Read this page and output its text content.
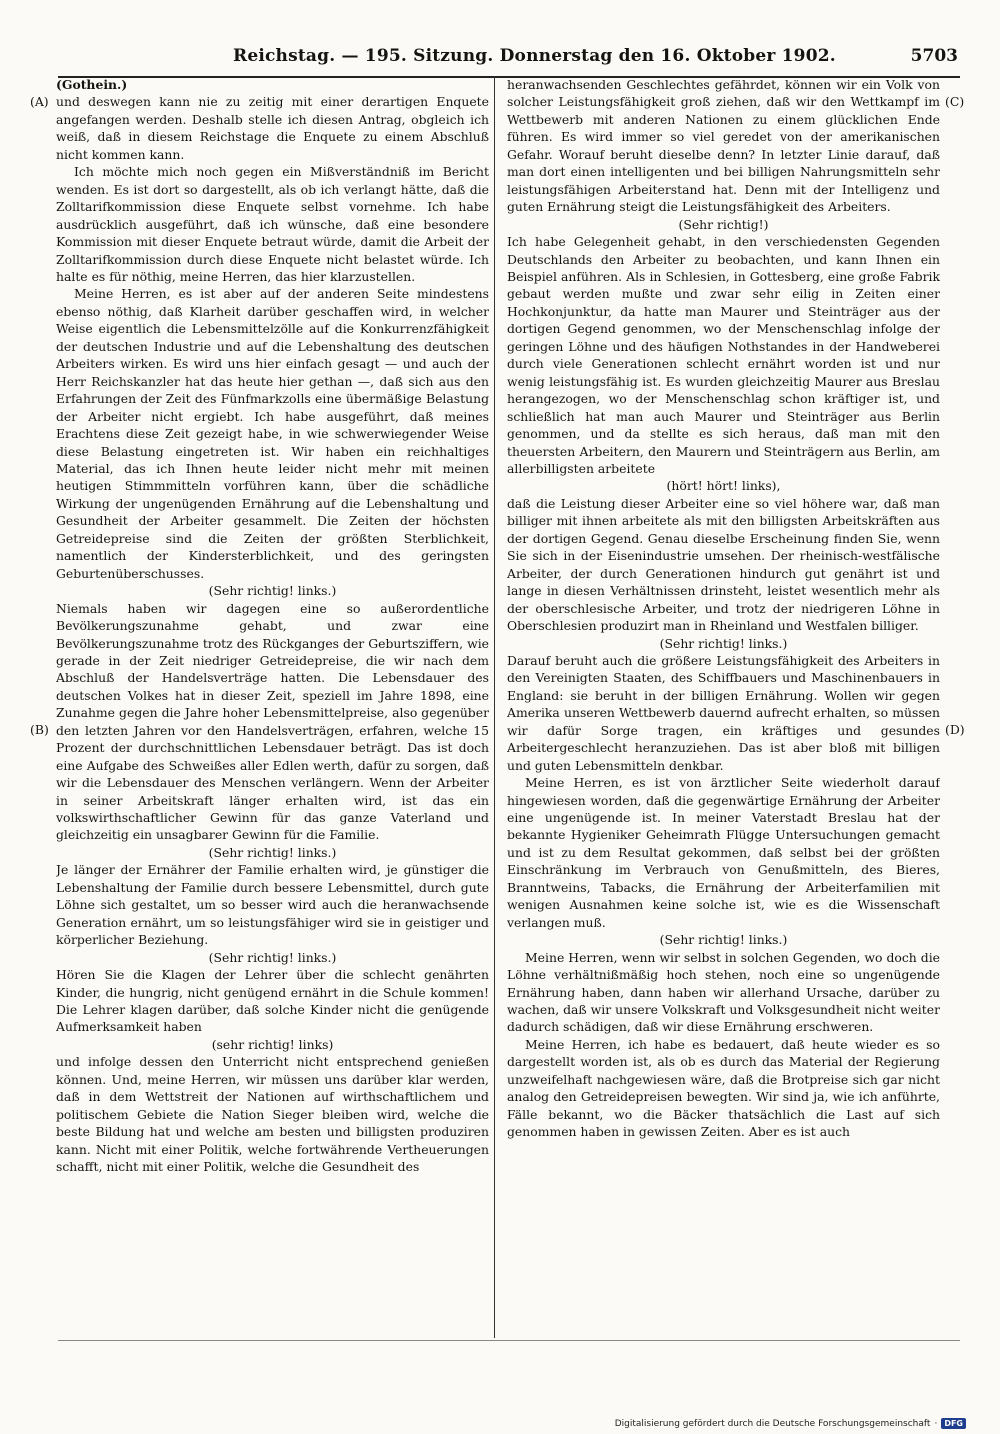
Reichstag. — 195. Sitzung. Donnerstag den 16. Oktober 1902.	5703
(A)
(B)
(C)
(D)

(Gothein.)

und deswegen kann nie zu zeitig mit einer derartigen Enquete angefangen werden. Deshalb stelle ich diesen Antrag, obgleich ich weiß, daß in diesem Reichstage die Enquete zu einem Abschluß nicht kommen kann.

Ich möchte mich noch gegen ein Mißverständniß im Bericht wenden. Es ist dort so dargestellt, als ob ich verlangt hätte, daß die Zolltarifkommission diese Enquete selbst vornehme. Ich habe ausdrücklich ausgeführt, daß ich wünsche, daß eine besondere Kommission mit dieser Enquete betraut würde, damit die Arbeit der Zolltarifkommission durch diese Enquete nicht belastet würde. Ich halte es für nöthig, meine Herren, das hier klarzustellen.

Meine Herren, es ist aber auf der anderen Seite mindestens ebenso nöthig, daß Klarheit darüber geschaffen wird, in welcher Weise eigentlich die Lebensmittelzölle auf die Konkurrenzfähigkeit der deutschen Industrie und auf die Lebenshaltung des deutschen Arbeiters wirken. Es wird uns hier einfach gesagt — und auch der Herr Reichskanzler hat das heute hier gethan —, daß sich aus den Erfahrungen der Zeit des Fünfmarkzolls eine übermäßige Belastung der Arbeiter nicht ergiebt. Ich habe ausgeführt, daß meines Erachtens diese Zeit gezeigt habe, in wie schwerwiegender Weise diese Belastung eingetreten ist. Wir haben ein reichhaltiges Material, das ich Ihnen heute leider nicht mehr mit meinen heutigen Stimmmitteln vorführen kann, über die schädliche Wirkung der ungenügenden Ernährung auf die Lebenshaltung und Gesundheit der Arbeiter gesammelt. Die Zeiten der höchsten Getreidepreise sind die Zeiten der größten Sterblichkeit, namentlich der Kindersterblichkeit, und des geringsten Geburtenüberschusses.

(Sehr richtig! links.)

Niemals haben wir dagegen eine so außerordentliche Bevölkerungszunahme gehabt, und zwar eine Bevölkerungszunahme trotz des Rückganges der Geburtsziffern, wie gerade in der Zeit niedriger Getreidepreise, die wir nach dem Abschluß der Handelsverträge hatten. Die Lebensdauer des deutschen Volkes hat in dieser Zeit, speziell im Jahre 1898, eine Zunahme gegen die Jahre hoher Lebensmittelpreise, also gegenüber den letzten Jahren vor den Handelsverträgen, erfahren, welche 15 Prozent der durchschnittlichen Lebensdauer beträgt. Das ist doch eine Aufgabe des Schweißes aller Edlen werth, dafür zu sorgen, daß wir die Lebensdauer des Menschen verlängern. Wenn der Arbeiter in seiner Arbeitskraft länger erhalten wird, ist das ein volkswirthschaftlicher Gewinn für das ganze Vaterland und gleichzeitig ein unsagbarer Gewinn für die Familie.

(Sehr richtig! links.)

Je länger der Ernährer der Familie erhalten wird, je günstiger die Lebenshaltung der Familie durch bessere Lebensmittel, durch gute Löhne sich gestaltet, um so besser wird auch die heranwachsende Generation ernährt, um so leistungsfähiger wird sie in geistiger und körperlicher Beziehung.

(Sehr richtig! links.)

Hören Sie die Klagen der Lehrer über die schlecht genährten Kinder, die hungrig, nicht genügend ernährt in die Schule kommen! Die Lehrer klagen darüber, daß solche Kinder nicht die genügende Aufmerksamkeit haben

(sehr richtig! links)

und infolge dessen den Unterricht nicht entsprechend genießen können. Und, meine Herren, wir müssen uns darüber klar werden, daß in dem Wettstreit der Nationen auf wirthschaftlichem und politischem Gebiete die Nation Sieger bleiben wird, welche die beste Bildung hat und welche am besten und billigsten produziren kann. Nicht mit einer Politik, welche fortwährende Vertheuerungen schafft, nicht mit einer Politik, welche die Gesundheit des

heranwachsenden Geschlechtes gefährdet, können wir ein Volk von solcher Leistungsfähigkeit groß ziehen, daß wir den Wettkampf im Wettbewerb mit anderen Nationen zu einem glücklichen Ende führen. Es wird immer so viel geredet von der amerikanischen Gefahr. Worauf beruht dieselbe denn? In letzter Linie darauf, daß man dort einen intelligenten und bei billigen Nahrungsmitteln sehr leistungsfähigen Arbeiterstand hat. Denn mit der Intelligenz und guten Ernährung steigt die Leistungsfähigkeit des Arbeiters.

(Sehr richtig!)

Ich habe Gelegenheit gehabt, in den verschiedensten Gegenden Deutschlands den Arbeiter zu beobachten, und kann Ihnen ein Beispiel anführen. Als in Schlesien, in Gottesberg, eine große Fabrik gebaut werden mußte und zwar sehr eilig in Zeiten einer Hochkonjunktur, da hatte man Maurer und Steinträger aus der dortigen Gegend genommen, wo der Menschenschlag infolge der geringen Löhne und des häufigen Nothstandes in der Handweberei durch viele Generationen schlecht ernährt worden ist und nur wenig leistungsfähig ist. Es wurden gleichzeitig Maurer aus Breslau herangezogen, wo der Menschenschlag schon kräftiger ist, und schließlich hat man auch Maurer und Steinträger aus Berlin genommen, und da stellte es sich heraus, daß man mit den theuersten Arbeitern, den Maurern und Steinträgern aus Berlin, am allerbilligsten arbeitete

(hört! hört! links),

daß die Leistung dieser Arbeiter eine so viel höhere war, daß man billiger mit ihnen arbeitete als mit den billigsten Arbeitskräften aus der dortigen Gegend. Genau dieselbe Erscheinung finden Sie, wenn Sie sich in der Eisenindustrie umsehen. Der rheinisch-westfälische Arbeiter, der durch Generationen hindurch gut genährt ist und lange in diesen Verhältnissen drinsteht, leistet wesentlich mehr als der oberschlesische Arbeiter, und trotz der niedrigeren Löhne in Oberschlesien produzirt man in Rheinland und Westfalen billiger.

(Sehr richtig! links.)

Darauf beruht auch die größere Leistungsfähigkeit des Arbeiters in den Vereinigten Staaten, des Schiffbauers und Maschinenbauers in England: sie beruht in der billigen Ernährung. Wollen wir gegen Amerika unseren Wettbewerb dauernd aufrecht erhalten, so müssen wir dafür Sorge tragen, ein kräftiges und gesundes Arbeitergeschlecht heranzuziehen. Das ist aber bloß mit billigen und guten Lebensmitteln denkbar.

Meine Herren, es ist von ärztlicher Seite wiederholt darauf hingewiesen worden, daß die gegenwärtige Ernährung der Arbeiter eine ungenügende ist. In meiner Vaterstadt Breslau hat der bekannte Hygieniker Geheimrath Flügge Untersuchungen gemacht und ist zu dem Resultat gekommen, daß selbst bei der größten Einschränkung im Verbrauch von Genußmitteln, des Bieres, Branntweins, Tabacks, die Ernährung der Arbeiterfamilien mit wenigen Ausnahmen keine solche ist, wie es die Wissenschaft verlangen muß.

(Sehr richtig! links.)

Meine Herren, wenn wir selbst in solchen Gegenden, wo doch die Löhne verhältnißmäßig hoch stehen, noch eine so ungenügende Ernährung haben, dann haben wir allerhand Ursache, darüber zu wachen, daß wir unsere Volkskraft und Volksgesundheit nicht weiter dadurch schädigen, daß wir diese Ernährung erschweren.

Meine Herren, ich habe es bedauert, daß heute wieder es so dargestellt worden ist, als ob es durch das Material der Regierung unzweifelhaft nachgewiesen wäre, daß die Brotpreise sich gar nicht analog den Getreidepreisen bewegten. Wir sind ja, wie ich anführte, Fälle bekannt, wo die Bäcker thatsächlich die Last auf sich genommen haben in gewissen Zeiten. Aber es ist auch

Digitalisierung gefördert durch die Deutsche Forschungsgemeinschaft · DFG
